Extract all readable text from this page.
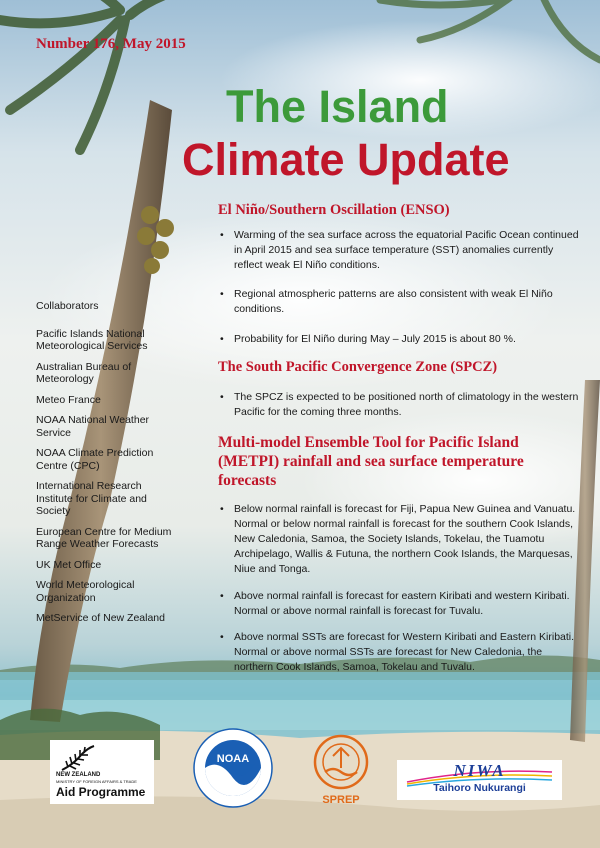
Number 176, May 2015
The Island
Climate Update
El Niño/Southern Oscillation (ENSO)
• Warming of the sea surface across the equatorial Pacific Ocean continued in April 2015 and sea surface temperature (SST) anomalies currently reflect weak El Niño conditions.
• Regional atmospheric patterns are also consistent with weak El Niño conditions.
• Probability for El Niño during May – July 2015 is about 80 %.
The South Pacific Convergence Zone (SPCZ)
• The SPCZ is expected to be positioned north of climatology in the western Pacific for the coming three months.
Multi-model Ensemble Tool for Pacific Island (METPI) rainfall and sea surface temperature forecasts
• Below normal rainfall is forecast for Fiji, Papua New Guinea and Vanuatu. Normal or below normal rainfall is forecast for the southern Cook Islands, New Caledonia, Samoa, the Society Islands, Tokelau, the Tuamotu Archipelago, Wallis & Futuna, the northern Cook Islands, the Marquesas, Niue and Tonga.
• Above normal rainfall is forecast for eastern Kiribati and western Kiribati. Normal or above normal rainfall is forecast for Tuvalu.
• Above normal SSTs are forecast for Western Kiribati and Eastern Kiribati. Normal or above normal SSTs are forecast for New Caledonia, the northern Cook Islands, Samoa, Tokelau and Tuvalu.
Collaborators
Pacific Islands National Meteorological Services
Australian Bureau of Meteorology
Meteo France
NOAA National Weather Service
NOAA Climate Prediction Centre (CPC)
International Research Institute for Climate and Society
European Centre for Medium Range Weather Forecasts
UK Met Office
World Meteorological Organization
MetService of New Zealand
NEW ZEALAND
MINISTRY OF FOREIGN AFFAIRS & TRADE
Aid Programme
NOAA
SPREP
NIWA
Taihoro Nukurangi
